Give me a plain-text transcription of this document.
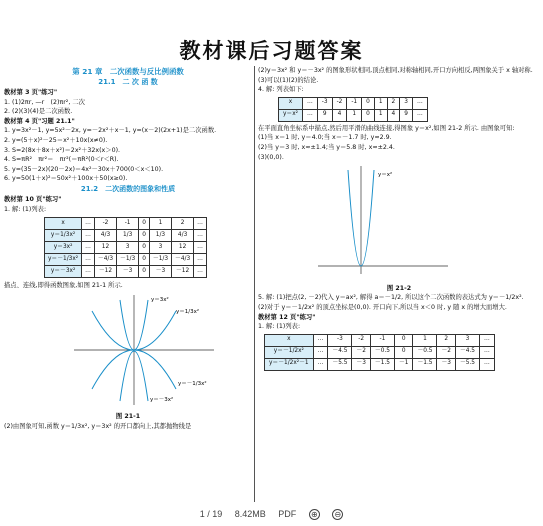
教材课后习题答案
第 21 章　二次函数与反比例函数
21.1　二 次 函 数
教材第 3 页"练习"
1. (1)2πr, —r　(2)πr², 二次
2. (2)(3)(4)是二次函数.
教材第 4 页"习题 21.1"
1. y=3x²－1, y=5x²－2x, y=－2x²＋x－1, y=(x－2)(2x+1)是二次函数.
2. y=(5＋x)²－25＝x²＋10x(x≠0).
3. S=2(8x＋8x＋x²)＝2x²＋32x(x＞0).
4. S=πR²　πr²＝　πr²(＝πR²(0＜r＜R).
5. y=(35－2x)(20－2x)＝4x²－30x＋700(0＜x＜10).
6. y=50(1＋x)²＝50x²＋100x＋50(x≥0).
21.2　二次函数的图象和性质
教材第 10 页"练习"
1. 解: (1)列表:
x	…	-2	-1	0	1	2	…
y＝1/3x²	…	4/3	1/3	0	1/3	4/3	…
y＝3x²	…	12	3	0	3	12	…
y＝－1/3x²	…	－4/3	－1/3	0	－1/3	－4/3	…
y＝－3x²	…	－12	－3	0	－3	－12	…
描点、连线,即得函数图象,如图 21-1 所示.
y＝3x²
y＝1/3x²
y＝－1/3x²
y＝－3x²
图 21-1
(2)由图象可知,函数 y＝1/3x², y＝3x² 的开口都向上,其都抛物线是
(2)y＝3x² 和 y＝－3x² 的图象形状相同,顶点相同,对称轴相同,开口方向相反,两图象关于 x 轴对称.
(3)可以(1)(2)的结论.
4. 解: 列表如下:
x	…	-3	-2	-1	0	1	2	3	…
y＝x²	…	9	4	1	0	1	4	9	…
在平面直角坐标系中描点,然后用平滑的曲线连接,得图象 y＝x²,如图 21-2 所示. 由图象可知:
(1)当 x＝1 时, y＝4.0;当 x＝－1.7 时, y≈2.9.
(2)当 y＝3 时, x≈±1.4;当 y＝5.8 时, x≈±2.4.
(3)(0,0).
y＝x²
图 21-2
5. 解: (1)把点(2, －2)代入 y＝ax², 解得 a＝－1/2, 所以这个二次函数的表达式为 y＝－1/2x².
(2)对于 y＝－1/2x² 的顶点坐标是(0,0). 开口向下,所以当 x＜0 时, y 随 x 的增大而增大.
教材第 12 页"练习"
1. 解: (1)列表:
x	…	-3	-2	-1	0	1	2	3	…
y＝－1/2x²	…	－4.5	－2	－0.5	0	－0.5	－2	－4.5	…
y＝－1/2x²－1	…	－5.5	－3	－1.5	－1	－1.5	－3	－5.5	…
1 / 19 8.42MB PDF ⊕ ⊖
